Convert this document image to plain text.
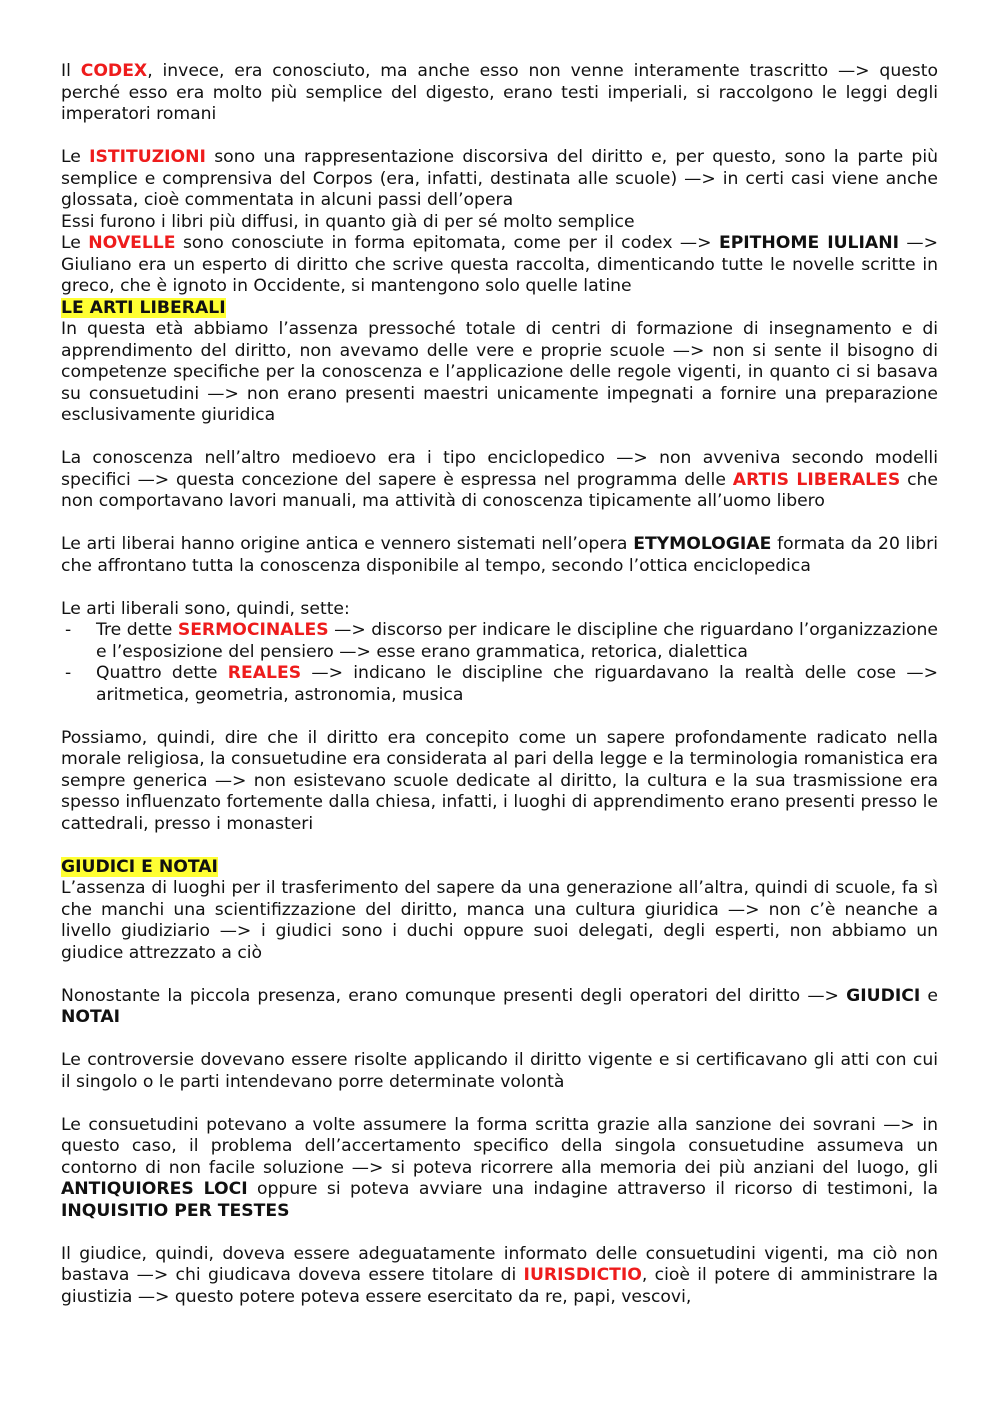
Il CODEX, invece, era conosciuto, ma anche esso non venne interamente trascritto —> questo perché esso era molto più semplice del digesto, erano testi imperiali, si raccolgono le leggi degli imperatori romani

Le ISTITUZIONI sono una rappresentazione discorsiva del diritto e, per questo, sono la parte più semplice e comprensiva del Corpos (era, infatti, destinata alle scuole) —> in certi casi viene anche glossata, cioè commentata in alcuni passi dell’opera

Essi furono i libri più diffusi, in quanto già di per sé molto semplice

Le NOVELLE sono conosciute in forma epitomata, come per il codex —> EPITHOME IULIANI —> Giuliano era un esperto di diritto che scrive questa raccolta, dimenticando tutte le novelle scritte in greco, che è ignoto in Occidente, si mantengono solo quelle latine

LE ARTI LIBERALI

In questa età abbiamo l’assenza pressoché totale di centri di formazione di insegnamento e di apprendimento del diritto, non avevamo delle vere e proprie scuole —> non si sente il bisogno di competenze specifiche per la conoscenza e l’applicazione delle regole vigenti, in quanto ci si basava su consuetudini —> non erano presenti maestri unicamente impegnati a fornire una preparazione esclusivamente giuridica

La conoscenza nell’altro medioevo era i tipo enciclopedico —> non avveniva secondo modelli specifici —> questa concezione del sapere è espressa nel programma delle ARTIS LIBERALES che non comportavano lavori manuali, ma attività di conoscenza tipicamente all’uomo libero

Le arti liberai hanno origine antica e vennero sistemati nell’opera ETYMOLOGIAE formata da 20 libri che affrontano tutta la conoscenza disponibile al tempo, secondo l’ottica enciclopedica

Le arti liberali sono, quindi, sette:

- Tre dette SERMOCINALES —> discorso per indicare le discipline che riguardano l’organizzazione e l’esposizione del pensiero —> esse erano grammatica, retorica, dialettica
- Quattro dette REALES —> indicano le discipline che riguardavano la realtà delle cose —> aritmetica, geometria, astronomia, musica

Possiamo, quindi, dire che il diritto era concepito come un sapere profondamente radicato nella morale religiosa, la consuetudine era considerata al pari della legge e la terminologia romanistica era sempre generica —> non esistevano scuole dedicate al diritto, la cultura e la sua trasmissione era spesso influenzato fortemente dalla chiesa, infatti, i luoghi di apprendimento erano presenti presso le cattedrali, presso i monasteri

GIUDICI E NOTAI

L’assenza di luoghi per il trasferimento del sapere da una generazione all’altra, quindi di scuole, fa sì che manchi una scientifizzazione del diritto, manca una cultura giuridica —> non c’è neanche a livello giudiziario —> i giudici sono i duchi oppure suoi delegati, degli esperti, non abbiamo un giudice attrezzato a ciò

Nonostante la piccola presenza, erano comunque presenti degli operatori del diritto —> GIUDICI e NOTAI

Le controversie dovevano essere risolte applicando il diritto vigente e si certificavano gli atti con cui il singolo o le parti intendevano porre determinate volontà

Le consuetudini potevano a volte assumere la forma scritta grazie alla sanzione dei sovrani —> in questo caso, il problema dell’accertamento specifico della singola consuetudine assumeva un contorno di non facile soluzione —> si poteva ricorrere alla memoria dei più anziani del luogo, gli ANTIQUIORES LOCI oppure si poteva avviare una indagine attraverso il ricorso di testimoni, la INQUISITIO PER TESTES

Il giudice, quindi, doveva essere adeguatamente informato delle consuetudini vigenti, ma ciò non bastava —> chi giudicava doveva essere titolare di IURISDICTIO, cioè il potere di amministrare la giustizia —> questo potere poteva essere esercitato da re, papi, vescovi,
